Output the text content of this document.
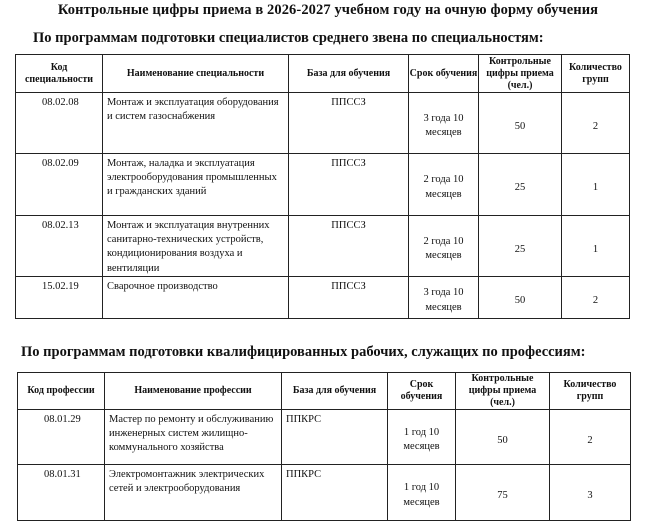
Контрольные цифры приема в 2026-2027 учебном году на очную форму обучения
По программам подготовки специалистов среднего звена по специальностям:
Код специальности	Наименование специальности	База для обучения	Срок обучения	Контрольные цифры приема (чел.)	Количество групп
08.02.08	Монтаж и эксплуатация оборудования и систем газоснабжения	ППССЗ	3 года 10 месяцев	50	2
08.02.09	Монтаж, наладка и эксплуатация электрооборудования промышленных и гражданских зданий	ППССЗ	2 года 10 месяцев	25	1
08.02.13	Монтаж и эксплуатация внутренних санитарно-технических устройств, кондиционирования воздуха и вентиляции	ППССЗ	2 года 10 месяцев	25	1
15.02.19	Сварочное производство	ППССЗ	3 года 10 месяцев	50	2
По программам подготовки квалифицированных рабочих, служащих по профессиям:
Код профессии	Наименование профессии	База для обучения	Срок обучения	Контрольные цифры приема (чел.)	Количество групп
08.01.29	Мастер по ремонту и обслуживанию инженерных систем жилищно-коммунального хозяйства	ППКРС	1 год 10 месяцев	50	2
08.01.31	Электромонтажник электрических сетей и электрооборудования	ППКРС	1 год 10 месяцев	75	3
